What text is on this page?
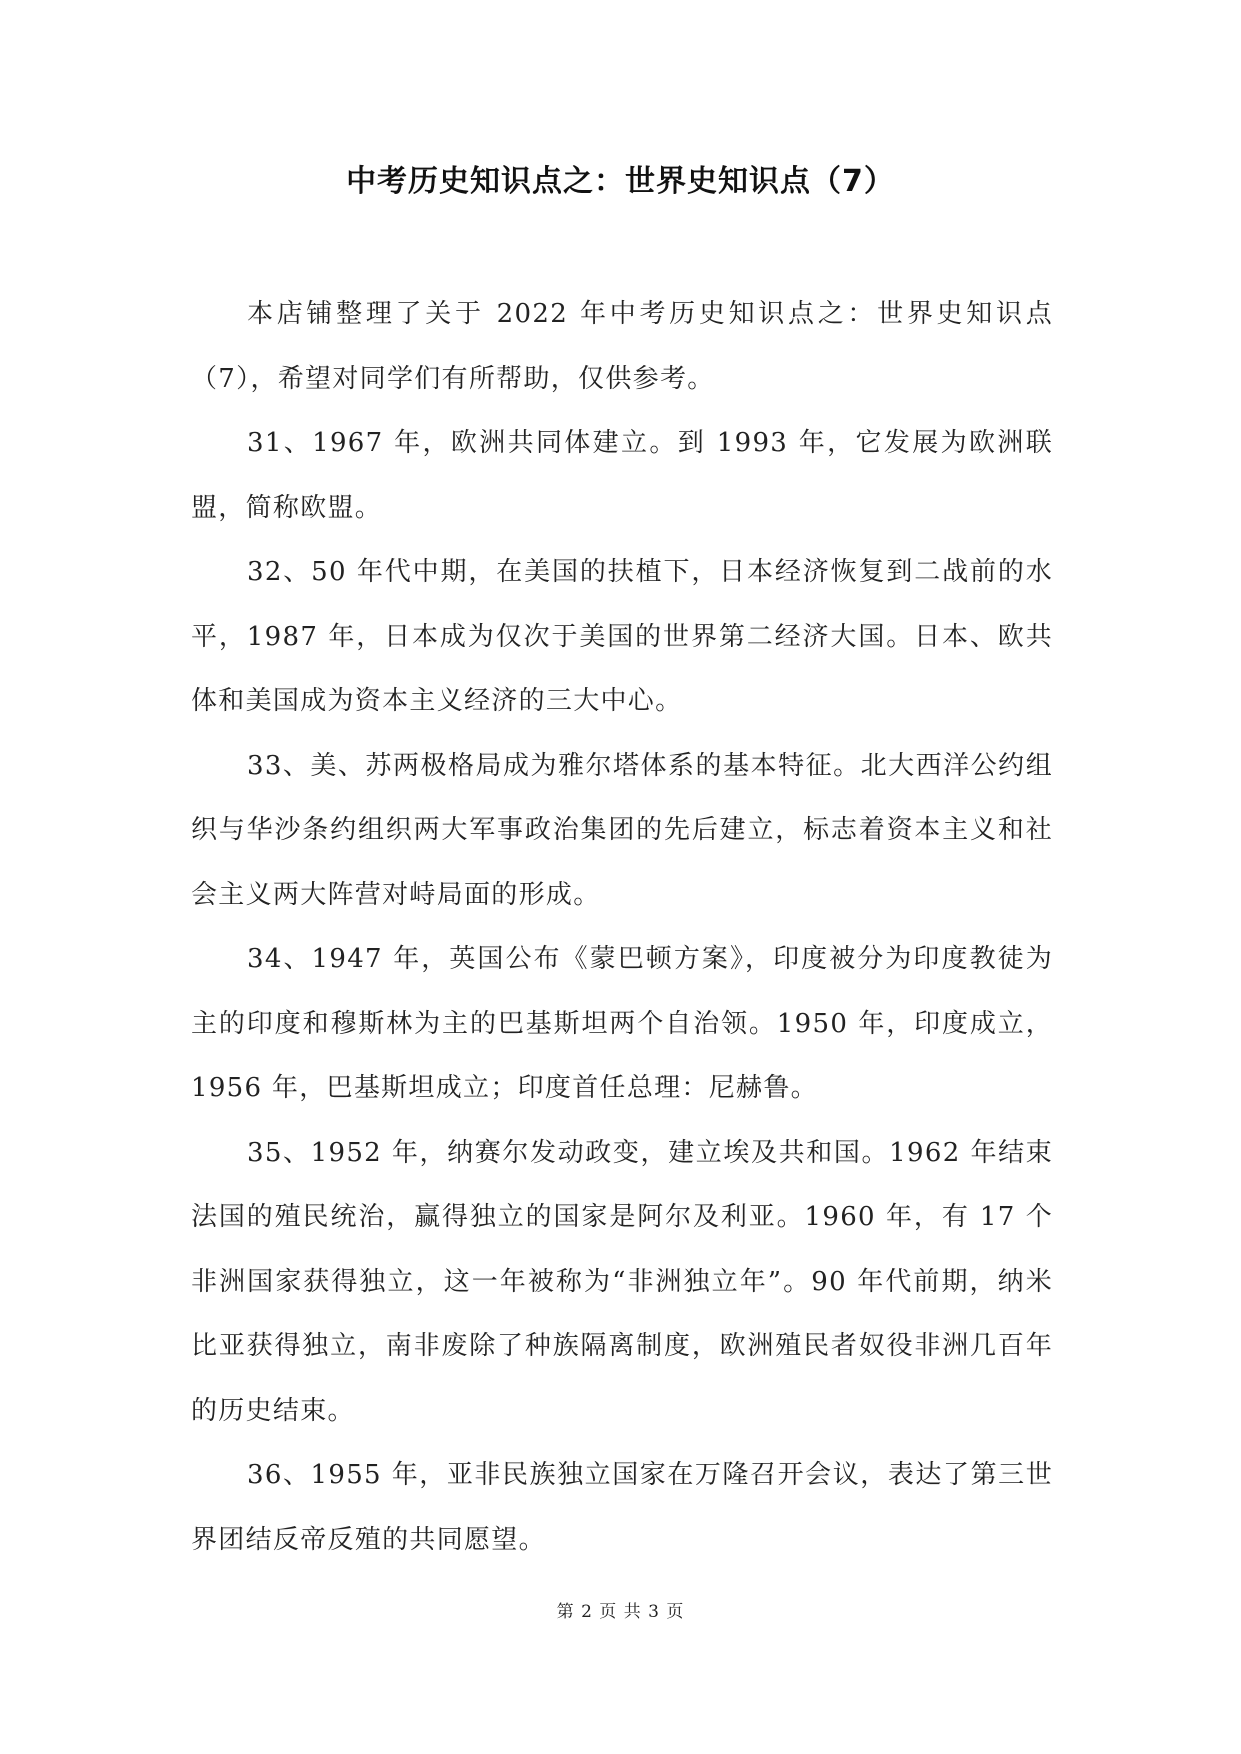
中考历史知识点之：世界史知识点（7）

本店铺整理了关于 2022 年中考历史知识点之：世界史知识点（7），希望对同学们有所帮助，仅供参考。

31、1967 年，欧洲共同体建立。到 1993 年，它发展为欧洲联盟，简称欧盟。

32、50 年代中期，在美国的扶植下，日本经济恢复到二战前的水平，1987 年，日本成为仅次于美国的世界第二经济大国。日本、欧共体和美国成为资本主义经济的三大中心。

33、美、苏两极格局成为雅尔塔体系的基本特征。北大西洋公约组织与华沙条约组织两大军事政治集团的先后建立，标志着资本主义和社会主义两大阵营对峙局面的形成。

34、1947 年，英国公布《蒙巴顿方案》，印度被分为印度教徒为主的印度和穆斯林为主的巴基斯坦两个自治领。1950 年，印度成立，1956 年，巴基斯坦成立；印度首任总理：尼赫鲁。

35、1952 年，纳赛尔发动政变，建立埃及共和国。1962 年结束法国的殖民统治，赢得独立的国家是阿尔及利亚。1960 年，有 17 个非洲国家获得独立，这一年被称为“非洲独立年”。90 年代前期，纳米比亚获得独立，南非废除了种族隔离制度，欧洲殖民者奴役非洲几百年的历史结束。

36、1955 年，亚非民族独立国家在万隆召开会议，表达了第三世界团结反帝反殖的共同愿望。

第 2 页 共 3 页
